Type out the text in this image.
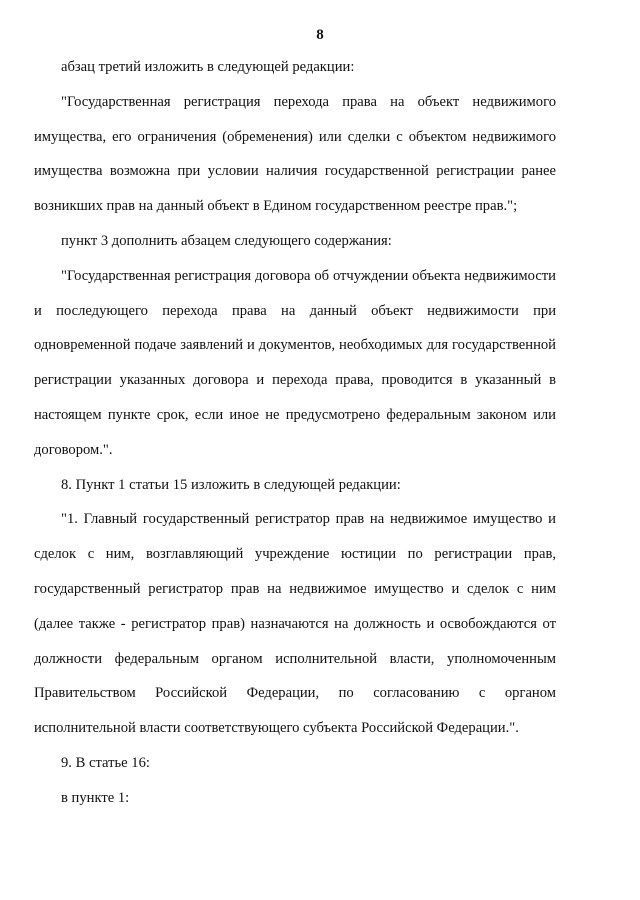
8

абзац третий изложить в следующей редакции:

"Государственная регистрация перехода права на объект недвижимого имущества, его ограничения (обременения) или сделки с объектом недвижимого имущества возможна при условии наличия государственной регистрации ранее возникших прав на данный объект в Едином государственном реестре прав.";

пункт 3 дополнить абзацем следующего содержания:

"Государственная регистрация договора об отчуждении объекта недвижимости и последующего перехода права на данный объект недвижимости при одновременной подаче заявлений и документов, необходимых для государственной регистрации указанных договора и перехода права, проводится в указанный в настоящем пункте срок, если иное не предусмотрено федеральным законом или договором.".

8. Пункт 1 статьи 15 изложить в следующей редакции:

"1. Главный государственный регистратор прав на недвижимое имущество и сделок с ним, возглавляющий учреждение юстиции по регистрации прав, государственный регистратор прав на недвижимое имущество и сделок с ним (далее также - регистратор прав) назначаются на должность и освобождаются от должности федеральным органом исполнительной власти, уполномоченным Правительством Российской Федерации, по согласованию с органом исполнительной власти соответствующего субъекта Российской Федерации.".

9. В статье 16:

в пункте 1:
